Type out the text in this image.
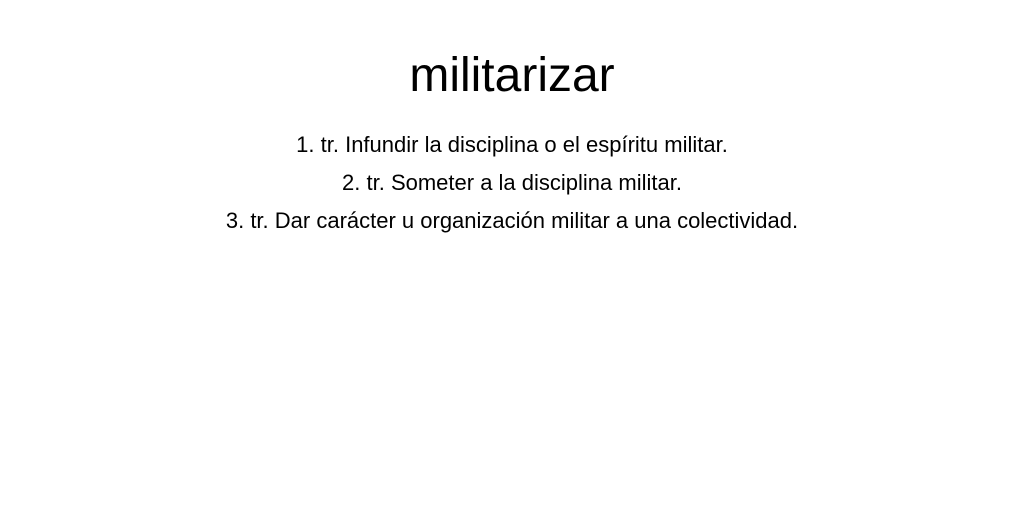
militarizar
1. tr. Infundir la disciplina o el espíritu militar.
2. tr. Someter a la disciplina militar.
3. tr. Dar carácter u organización militar a una colectividad.
